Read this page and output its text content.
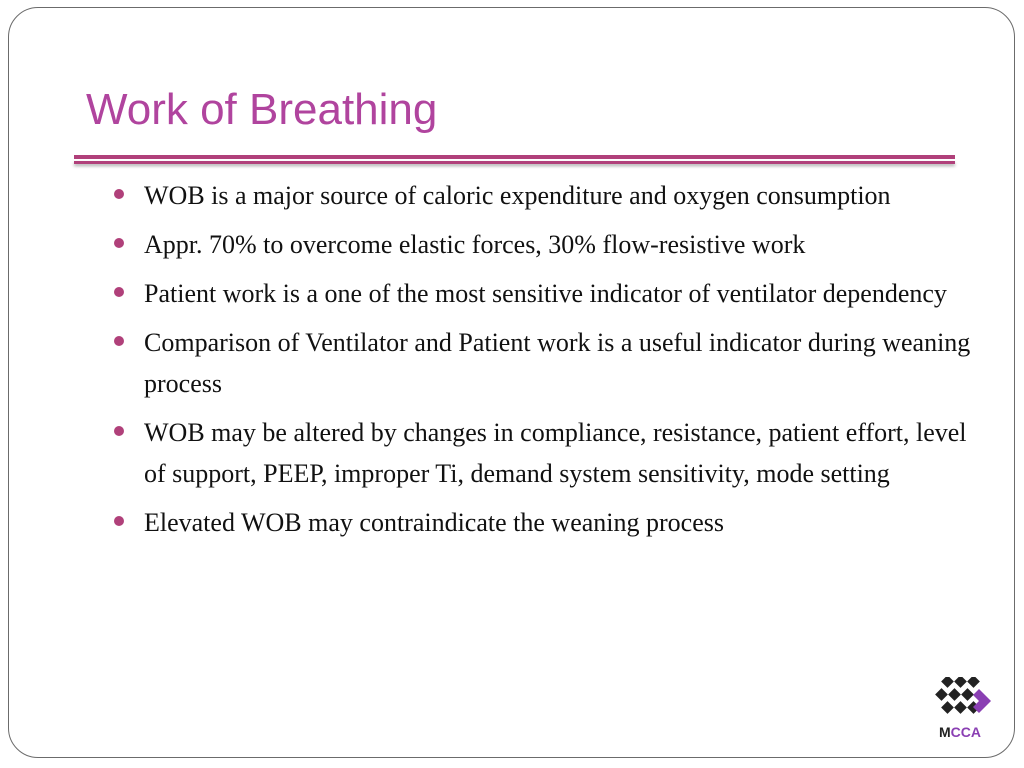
Work of Breathing
WOB is a major source of caloric expenditure and oxygen consumption
Appr. 70% to overcome elastic forces, 30% flow-resistive work
Patient work is a one of the most sensitive indicator of ventilator dependency
Comparison of Ventilator and Patient work is a useful indicator during weaning process
WOB may be altered by changes in compliance, resistance, patient effort, level of support, PEEP, improper Ti, demand system sensitivity, mode setting
Elevated WOB may contraindicate the weaning process
MCCA
